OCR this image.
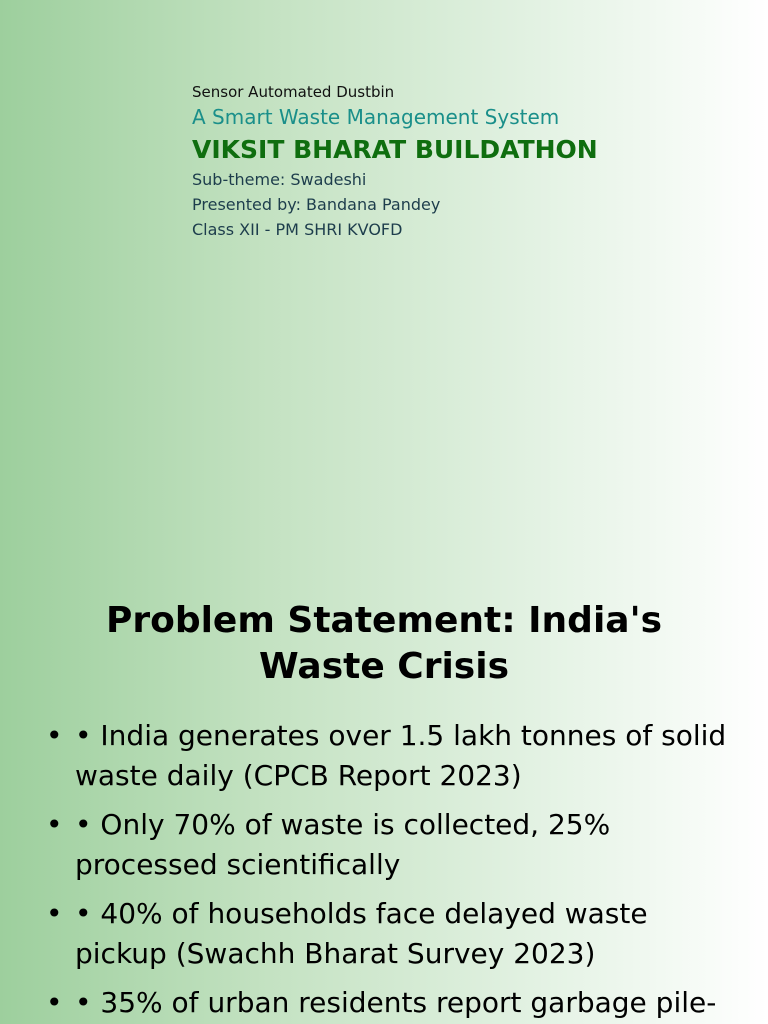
Sensor Automated Dustbin
A Smart Waste Management System
VIKSIT BHARAT BUILDATHON
Sub-theme: Swadeshi
Presented by: Bandana Pandey
Class XII - PM SHRI KVOFD
Problem Statement: India's Waste Crisis
• • India generates over 1.5 lakh tonnes of solid waste daily (CPCB Report 2023)
• • Only 70% of waste is collected, 25% processed scientifically
• • 40% of households face delayed waste pickup (Swachh Bharat Survey 2023)
• • 35% of urban residents report garbage pile-
